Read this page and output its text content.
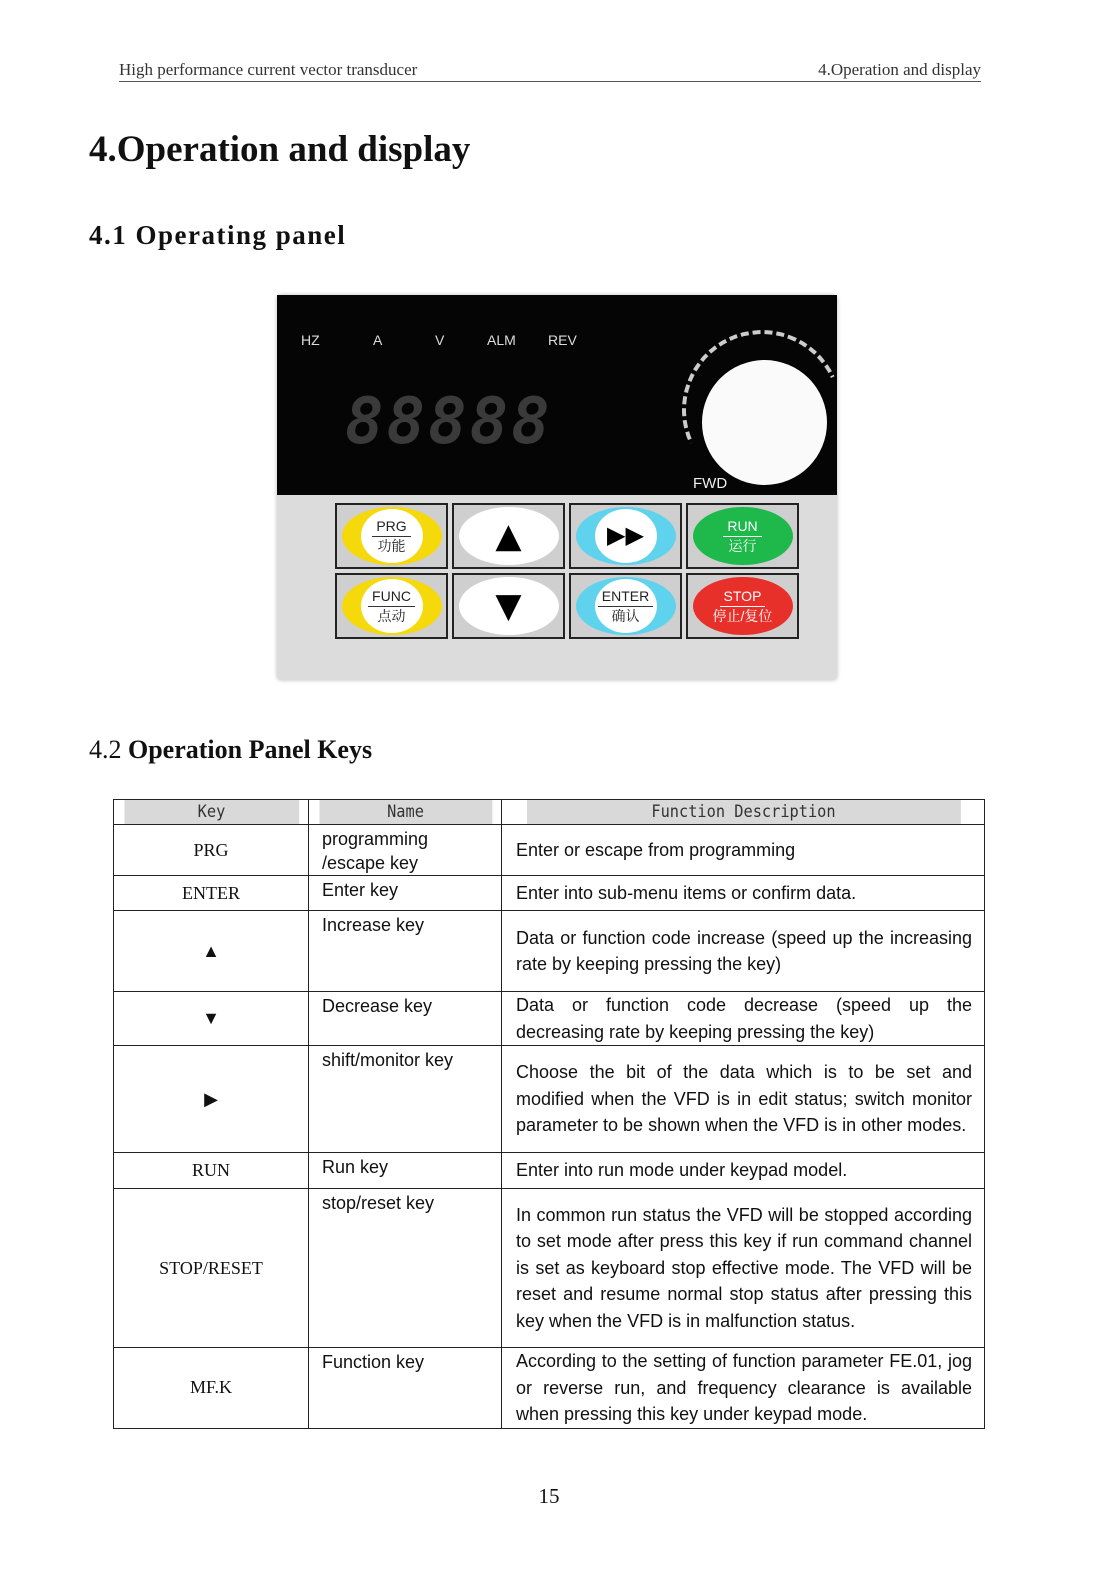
High performance current vector transducer	4.Operation and display
4.Operation and display
4.1 Operating panel
HZ	A	V	ALM REV
88888
FWD
PRG
功能	▲	▶▶	RUN
运行
FUNC
点动	▼	ENTER
确认
STOP
停止/复位
4.2 Operation Panel Keys
Key	Name	Function Description
PRG	programming /escape key	Enter or escape from programming
ENTER	Enter key	Enter into sub-menu items or confirm data.
▲	Increase key	Data or function code increase (speed up the increasing rate by keeping pressing the key)
▼	Decrease key	Data or function code decrease (speed up the decreasing rate by keeping pressing the key)
▶	shift/monitor key	Choose the bit of the data which is to be set and modified when the VFD is in edit status; switch monitor parameter to be shown when the VFD is in other modes.
RUN	Run key	Enter into run mode under keypad model.
STOP/RESET	stop/reset key	In common run status the VFD will be stopped according to set mode after press this key if run command channel is set as keyboard stop effective mode. The VFD will be reset and resume normal stop status after pressing this key when the VFD is in malfunction status.
MF.K	Function key	According to the setting of function parameter FE.01, jog or reverse run, and frequency clearance is available when pressing this key under keypad mode.
15
